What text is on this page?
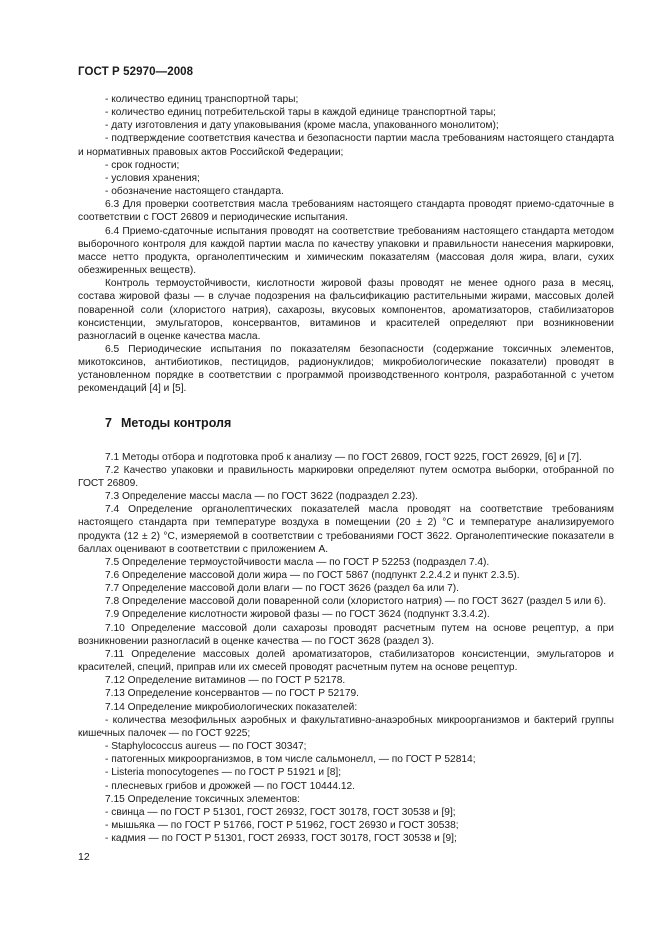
ГОСТ Р 52970—2008

- количество единиц транспортной тары;

- количество единиц потребительской тары в каждой единице транспортной тары;

- дату изготовления и дату упаковывания (кроме масла, упакованного монолитом);

- подтверждение соответствия качества и безопасности партии масла требованиям настоящего стандарта и нормативных правовых актов Российской Федерации;

- срок годности;

- условия хранения;

- обозначение настоящего стандарта.

6.3 Для проверки соответствия масла требованиям настоящего стандарта проводят приемо-сдаточные в соответствии с ГОСТ 26809 и периодические испытания.

6.4 Приемо-сдаточные испытания проводят на соответствие требованиям настоящего стандарта методом выборочного контроля для каждой партии масла по качеству упаковки и правильности нанесения маркировки, массе нетто продукта, органолептическим и химическим показателям (массовая доля жира, влаги, сухих обезжиренных веществ).

Контроль термоустойчивости, кислотности жировой фазы проводят не менее одного раза в месяц, состава жировой фазы — в случае подозрения на фальсификацию растительными жирами, массовых долей поваренной соли (хлористого натрия), сахарозы, вкусовых компонентов, ароматизаторов, стабилизаторов консистенции, эмульгаторов, консервантов, витаминов и красителей определяют при возникновении разногласий в оценке качества масла.

6.5 Периодические испытания по показателям безопасности (содержание токсичных элементов, микотоксинов, антибиотиков, пестицидов, радионуклидов; микробиологические показатели) проводят в установленном порядке в соответствии с программой производственного контроля, разработанной с учетом рекомендаций [4] и [5].

7 Методы контроля

7.1 Методы отбора и подготовка проб к анализу — по ГОСТ 26809, ГОСТ 9225, ГОСТ 26929, [6] и [7].

7.2 Качество упаковки и правильность маркировки определяют путем осмотра выборки, отобранной по ГОСТ 26809.

7.3 Определение массы масла — по ГОСТ 3622 (подраздел 2.23).

7.4 Определение органолептических показателей масла проводят на соответствие требованиям настоящего стандарта при температуре воздуха в помещении (20 ± 2) °C и температуре анализируемого продукта (12 ± 2) °C, измеряемой в соответствии с требованиями ГОСТ 3622. Органолептические показатели в баллах оценивают в соответствии с приложением А.

7.5 Определение термоустойчивости масла — по ГОСТ Р 52253 (подраздел 7.4).

7.6 Определение массовой доли жира — по ГОСТ 5867 (подпункт 2.2.4.2 и пункт 2.3.5).

7.7 Определение массовой доли влаги — по ГОСТ 3626 (раздел 6а или 7).

7.8 Определение массовой доли поваренной соли (хлористого натрия) — по ГОСТ 3627 (раздел 5 или 6).

7.9 Определение кислотности жировой фазы — по ГОСТ 3624 (подпункт 3.3.4.2).

7.10 Определение массовой доли сахарозы проводят расчетным путем на основе рецептур, а при возникновении разногласий в оценке качества — по ГОСТ 3628 (раздел 3).

7.11 Определение массовых долей ароматизаторов, стабилизаторов консистенции, эмульгаторов и красителей, специй, приправ или их смесей проводят расчетным путем на основе рецептур.

7.12 Определение витаминов — по ГОСТ Р 52178.

7.13 Определение консервантов — по ГОСТ Р 52179.

7.14 Определение микробиологических показателей:

- количества мезофильных аэробных и факультативно-анаэробных микроорганизмов и бактерий группы кишечных палочек — по ГОСТ 9225;

- Staphylococcus aureus — по ГОСТ 30347;

- патогенных микроорганизмов, в том числе сальмонелл, — по ГОСТ Р 52814;

- Listeria monocytogenes — по ГОСТ Р 51921 и [8];

- плесневых грибов и дрожжей — по ГОСТ 10444.12.

7.15 Определение токсичных элементов:

- свинца — по ГОСТ Р 51301, ГОСТ 26932, ГОСТ 30178, ГОСТ 30538 и [9];

- мышьяка — по ГОСТ Р 51766, ГОСТ Р 51962, ГОСТ 26930 и ГОСТ 30538;

- кадмия — по ГОСТ Р 51301, ГОСТ 26933, ГОСТ 30178, ГОСТ 30538 и [9];

12
